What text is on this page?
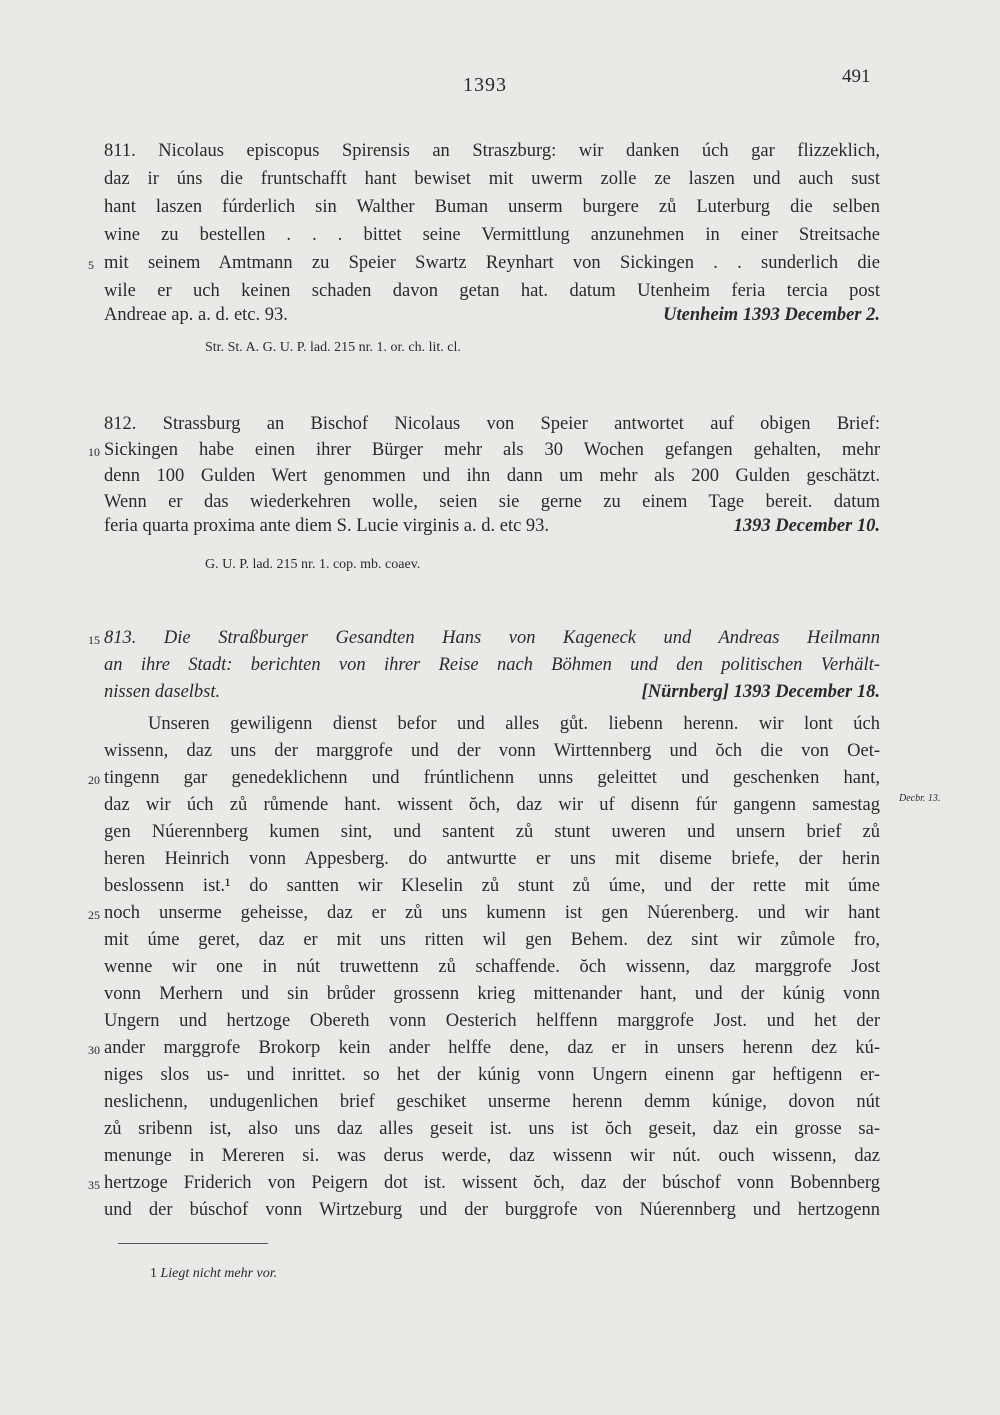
1393	491
811. Nicolaus episcopus Spirensis an Straszburg: wir danken úch gar flizzeklich,
daz ir úns die fruntschafft hant bewiset mit uwerm zolle ze laszen und auch sust
hant laszen fúrderlich sin Walther Buman unserm burgere zů Luterburg die selben
wine zu bestellen . . . bittet seine Vermittlung anzunehmen in einer Streitsache
mit seinem Amtmann zu Speier Swartz Reynhart von Sickingen . . sunderlich die
wile er uch keinen schaden davon getan hat. datum Utenheim feria tercia post
Andreae ap. a. d. etc. 93.	Utenheim 1393 December 2.
Str. St. A. G. U. P. lad. 215 nr. 1. or. ch. lit. cl.
812. Strassburg an Bischof Nicolaus von Speier antwortet auf obigen Brief:
Sickingen habe einen ihrer Bürger mehr als 30 Wochen gefangen gehalten, mehr
denn 100 Gulden Wert genommen und ihn dann um mehr als 200 Gulden geschätzt.
Wenn er das wiederkehren wolle, seien sie gerne zu einem Tage bereit. datum
feria quarta proxima ante diem S. Lucie virginis a. d. etc 93.	1393 December 10.
G. U. P. lad. 215 nr. 1. cop. mb. coaev.
813. Die Straßburger Gesandten Hans von Kageneck und Andreas Heilmann
an ihre Stadt: berichten von ihrer Reise nach Böhmen und den politischen Verhält-
nissen daselbst.	[Nürnberg] 1393 December 18.
Unseren gewiligenn dienst befor und alles gůt. liebenn herenn. wir lont úch
wissenn, daz uns der marggrofe und der vonn Wirttennberg und ŏch die von Oet-
tingenn gar genedeklichenn und frúntlichenn unns geleittet und geschenken hant,
daz wir úch zů růmende hant. wissent ŏch, daz wir uf disenn fúr gangenn samestag
gen Núerennberg kumen sint, und santent zů stunt uweren und unsern brief zů
heren Heinrich vonn Appesberg. do antwurtte er uns mit diseme briefe, der herin
beslossenn ist.¹ do santten wir Kleselin zů stunt zů úme, und der rette mit úme
noch unserme geheisse, daz er zů uns kumenn ist gen Núerenberg. und wir hant
mit úme geret, daz er mit uns ritten wil gen Behem. dez sint wir zůmole fro,
wenne wir one in nút truwettenn zů schaffende. ŏch wissenn, daz marggrofe Jost
vonn Merhern und sin brůder grossenn krieg mittenander hant, und der kúnig vonn
Ungern und hertzoge Obereth vonn Oesterich helffenn marggrofe Jost. und het der
ander marggrofe Brokorp kein ander helffe dene, daz er in unsers herenn dez kú-
niges slos us- und inrittet. so het der kúnig vonn Ungern einenn gar heftigenn er-
neslichenn, undugenlichen brief geschiket unserme herenn demm kúnige, dovon nút
zů sribenn ist, also uns daz alles geseit ist. uns ist ŏch geseit, daz ein grosse sa-
menunge in Mereren si. was derus werde, daz wissenn wir nút. ouch wissenn, daz
hertzoge Friderich von Peigern dot ist. wissent ŏch, daz der búschof vonn Bobennberg
und der búschof vonn Wirtzeburg und der burggrofe von Núerennberg und hertzogenn
5
10
15
20
25
30
35
Decbr. 13.
1 Liegt nicht mehr vor.
